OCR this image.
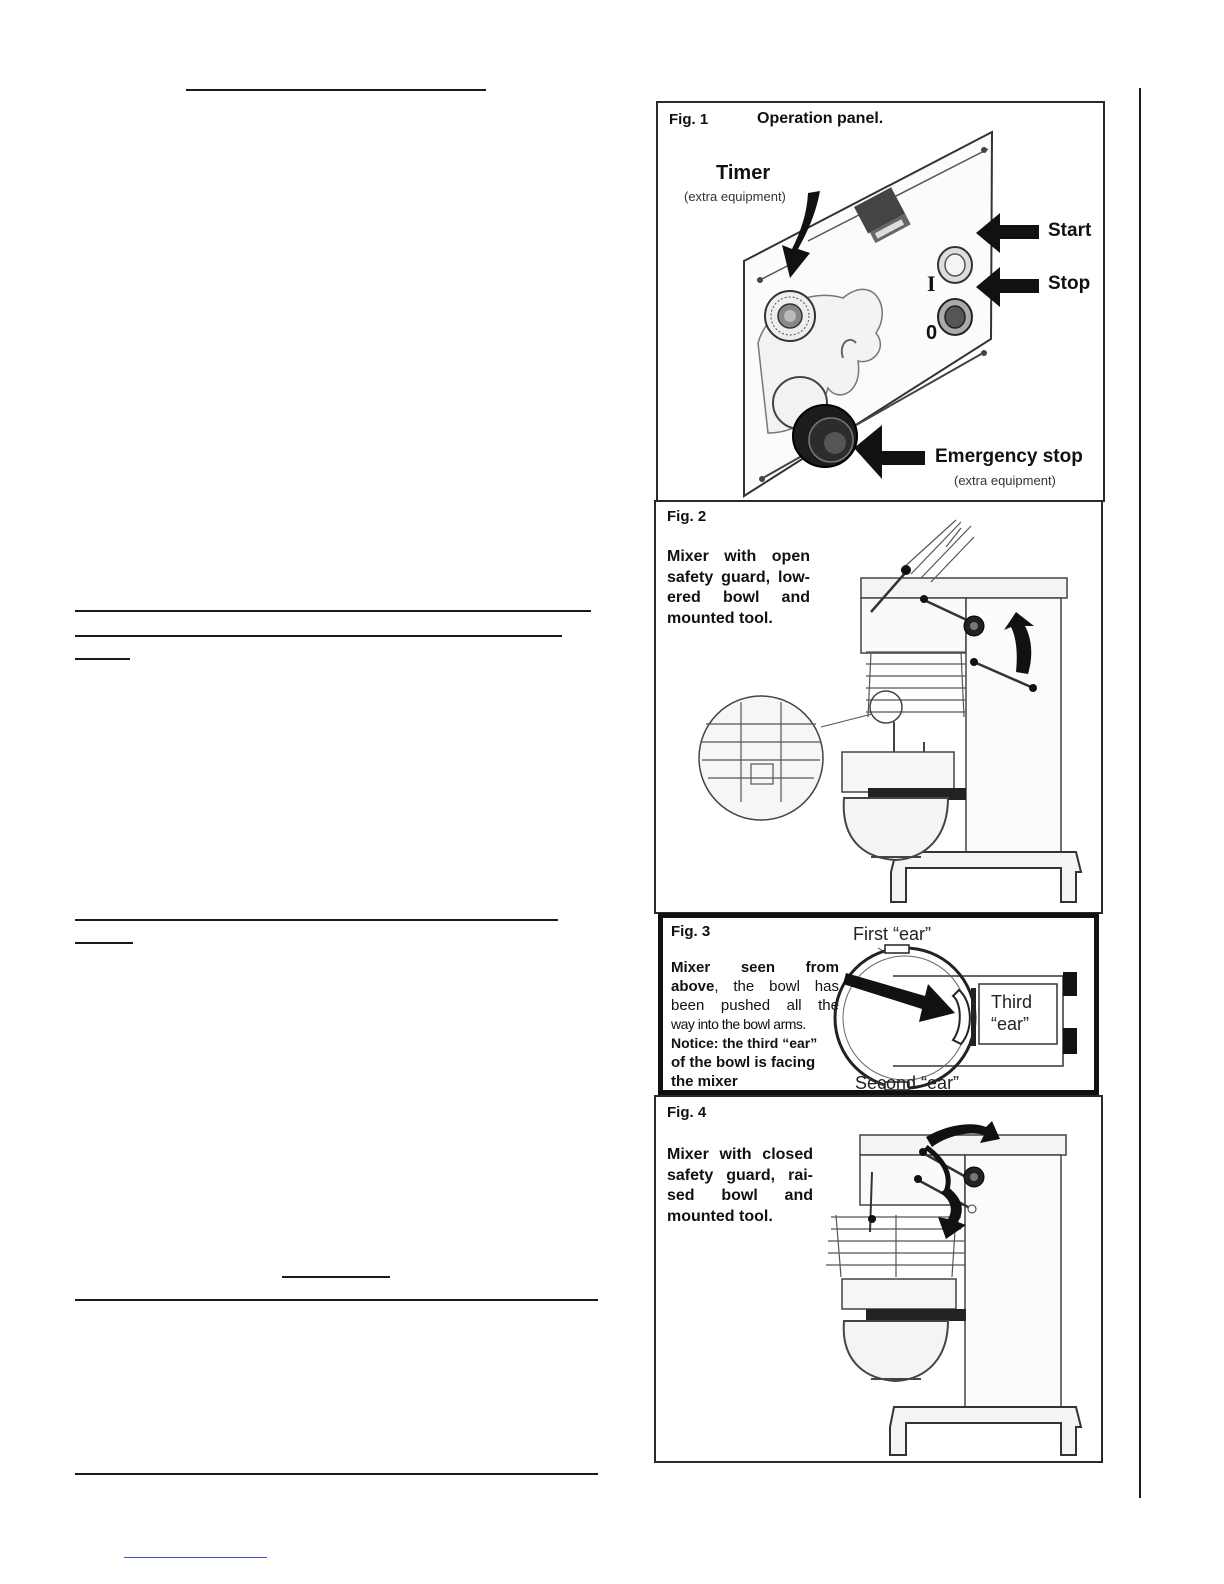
Fig. 1	Operation panel.
Timer
(extra equipment)
Start
Stop
I
0
Emergency stop
(extra equipment)
Fig. 2
Mixer with open
safety guard, low-
ered bowl and
mounted tool.
Fig. 3	First “ear”
Mixer seen from
above, the bowl has
been pushed all the
way into the bowl arms.
Notice: the third “ear”
of the bowl is facing
the mixer
Third
“ear”
Second “ear”
Fig. 4
Mixer with closed
safety guard, rai-
sed bowl and
mounted tool.
